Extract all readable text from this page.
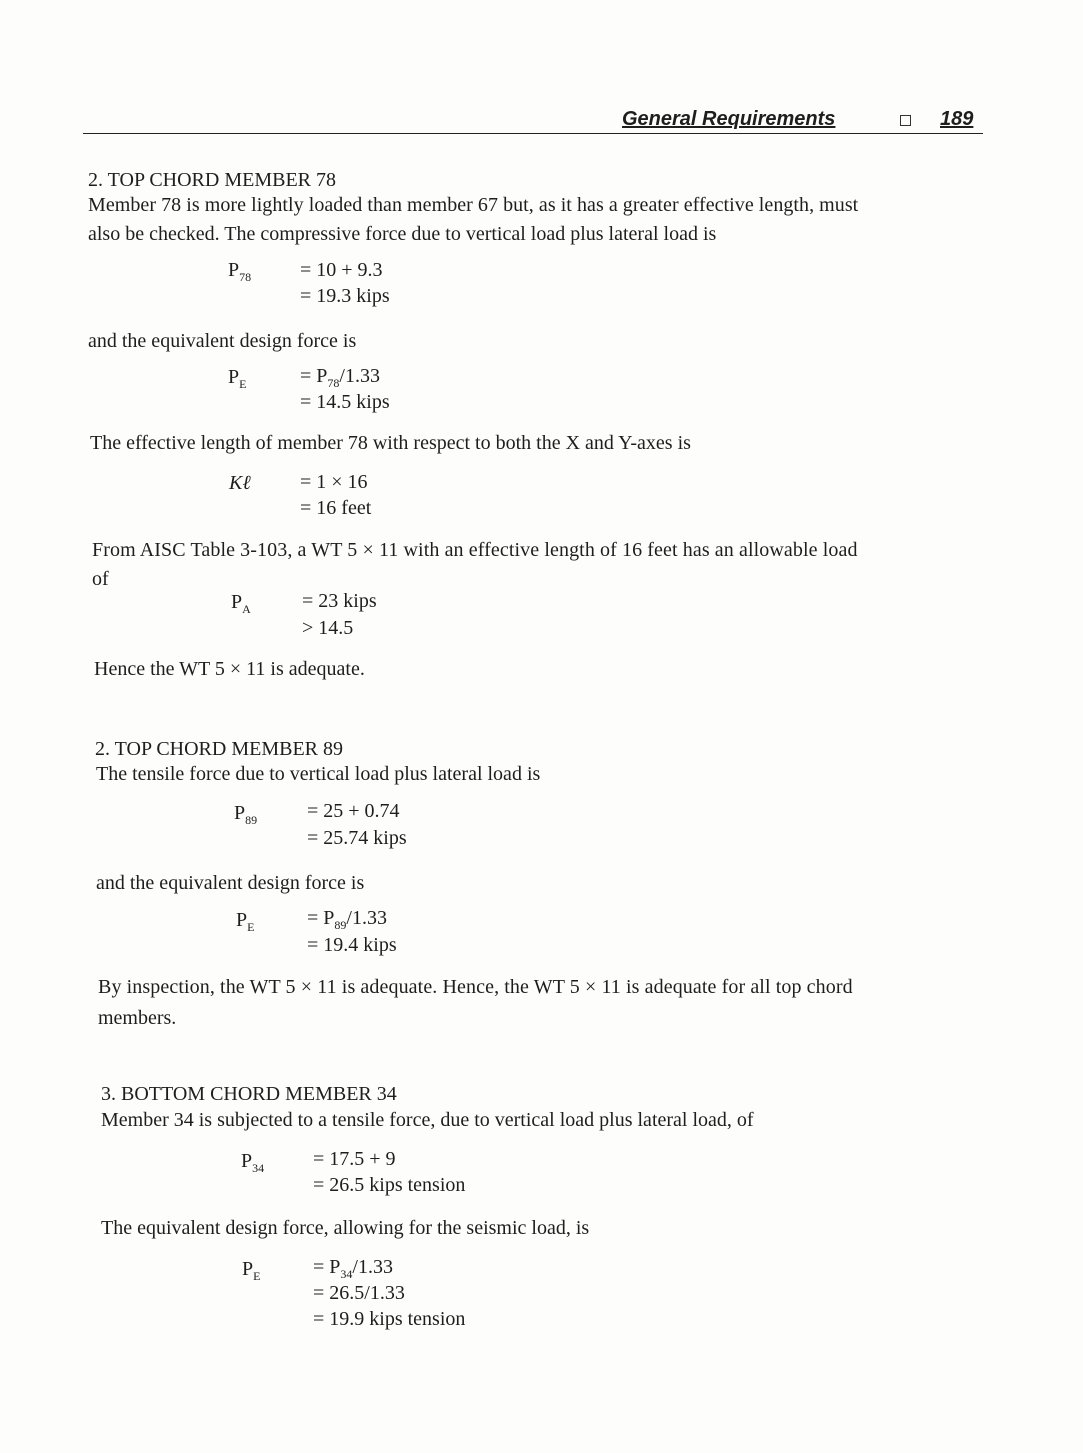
General Requirements	189
2. TOP CHORD MEMBER 78
Member 78 is more lightly loaded than member 67 but, as it has a greater effective length, must
also be checked. The compressive force due to vertical load plus lateral load is
$P_{78} = 10 + 9.3$
= 19.3 kips
and the equivalent design force is
$P_E$	= $P_{78}/1.33$
= 14.5 kips
The effective length of member 78 with respect to both the X and Y-axes is
Kℓ = 1 × 16
= 16 feet
From AISC Table 3-103, a WT 5 × 11 with an effective length of 16 feet has an allowable load
of
$P_A$	= 23 kips
> 14.5
Hence the WT 5 × 11 is adequate.
2. TOP CHORD MEMBER 89
The tensile force due to vertical load plus lateral load is
$P_{89} = 25 + 0.74$
= 25.74 kips
and the equivalent design force is
$P_E$	= $P_{89}/1.33$
= 19.4 kips
By inspection, the WT 5 × 11 is adequate. Hence, the WT 5 × 11 is adequate for all top chord
members.
3. BOTTOM CHORD MEMBER 34
Member 34 is subjected to a tensile force, due to vertical load plus lateral load, of
$P_{34} = 17.5 + 9$
= 26.5 kips tension
The equivalent design force, allowing for the seismic load, is
$P_E$	= $P_{34}/1.33$
= 26.5/1.33
= 19.9 kips tension
